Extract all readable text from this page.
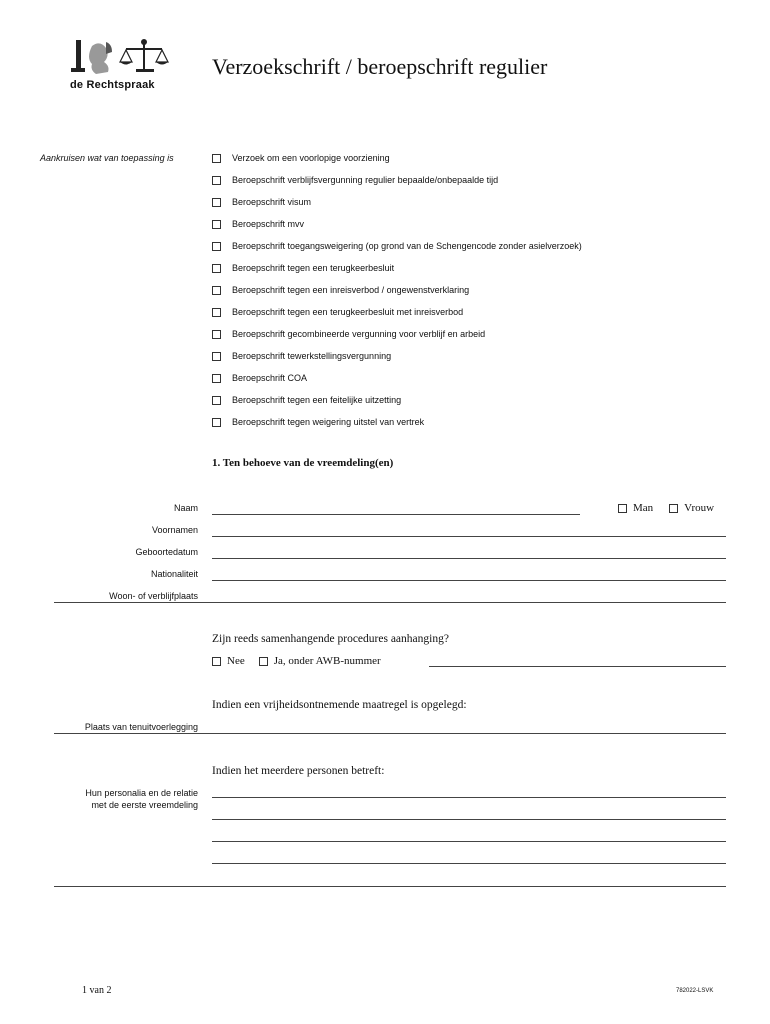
de Rechtspraak
Verzoekschrift / beroepschrift regulier
Aankruisen wat van toepassing is	Verzoek om een voorlopige voorziening
Beroepschrift verblijfsvergunning regulier bepaalde/onbepaalde tijd
Beroepschrift visum
Beroepschrift mvv
Beroepschrift toegangsweigering (op grond van de Schengencode zonder asielverzoek)
Beroepschrift tegen een terugkeerbesluit
Beroepschrift tegen een inreisverbod / ongewenstverklaring
Beroepschrift tegen een terugkeerbesluit met inreisverbod
Beroepschrift gecombineerde vergunning voor verblijf en arbeid
Beroepschrift tewerkstellingsvergunning
Beroepschrift COA
Beroepschrift tegen een feitelijke uitzetting
Beroepschrift tegen weigering uitstel van vertrek
1. Ten behoeve van de vreemdeling(en)
Naam	Man	Vrouw
Voornamen
Geboortedatum
Nationaliteit
Woon- of verblijfplaats
Zijn reeds samenhangende procedures aanhanging?
Nee	Ja, onder AWB-nummer
Indien een vrijheidsontnemende maatregel is opgelegd:
Plaats van tenuitvoerlegging
Indien het meerdere personen betreft:
Hun personalia en de relatie
met de eerste vreemdeling
1 van 2	782022-LSVK
